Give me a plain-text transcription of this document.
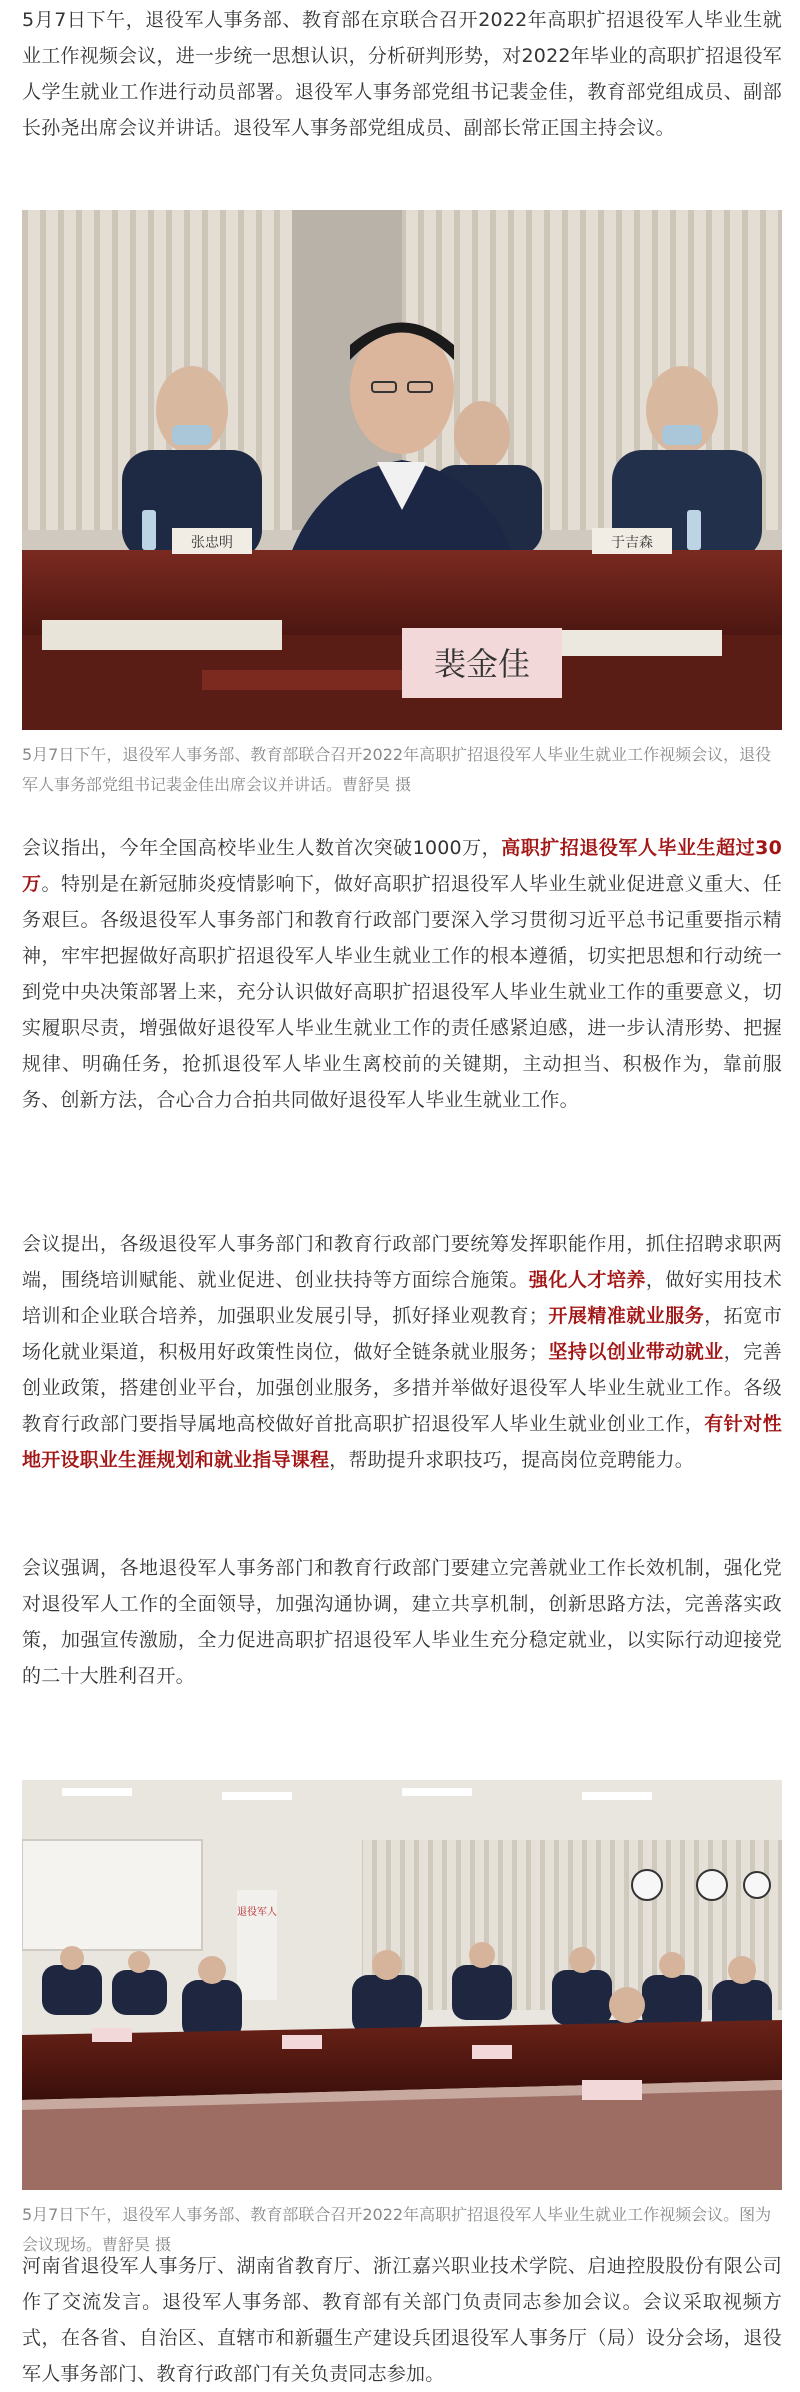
5月7日下午，退役军人事务部、教育部在京联合召开2022年高职扩招退役军人毕业生就业工作视频会议，进一步统一思想认识，分析研判形势，对2022年毕业的高职扩招退役军人学生就业工作进行动员部署。退役军人事务部党组书记裴金佳，教育部党组成员、副部长孙尧出席会议并讲话。退役军人事务部党组成员、副部长常正国主持会议。

张忠明	于吉森
裴金佳

5月7日下午，退役军人事务部、教育部联合召开2022年高职扩招退役军人毕业生就业工作视频会议，退役军人事务部党组书记裴金佳出席会议并讲话。曹舒昊 摄

会议指出，今年全国高校毕业生人数首次突破1000万，高职扩招退役军人毕业生超过30万。特别是在新冠肺炎疫情影响下，做好高职扩招退役军人毕业生就业促进意义重大、任务艰巨。各级退役军人事务部门和教育行政部门要深入学习贯彻习近平总书记重要指示精神，牢牢把握做好高职扩招退役军人毕业生就业工作的根本遵循，切实把思想和行动统一到党中央决策部署上来，充分认识做好高职扩招退役军人毕业生就业工作的重要意义，切实履职尽责，增强做好退役军人毕业生就业工作的责任感紧迫感，进一步认清形势、把握规律、明确任务，抢抓退役军人毕业生离校前的关键期，主动担当、积极作为，靠前服务、创新方法，合心合力合拍共同做好退役军人毕业生就业工作。

会议提出，各级退役军人事务部门和教育行政部门要统筹发挥职能作用，抓住招聘求职两端，围绕培训赋能、就业促进、创业扶持等方面综合施策。强化人才培养，做好实用技术培训和企业联合培养，加强职业发展引导，抓好择业观教育；开展精准就业服务，拓宽市场化就业渠道，积极用好政策性岗位，做好全链条就业服务；坚持以创业带动就业，完善创业政策，搭建创业平台，加强创业服务，多措并举做好退役军人毕业生就业工作。各级教育行政部门要指导属地高校做好首批高职扩招退役军人毕业生就业创业工作，有针对性地开设职业生涯规划和就业指导课程，帮助提升求职技巧，提高岗位竞聘能力。

会议强调，各地退役军人事务部门和教育行政部门要建立完善就业工作长效机制，强化党对退役军人工作的全面领导，加强沟通协调，建立共享机制，创新思路方法，完善落实政策，加强宣传激励，全力促进高职扩招退役军人毕业生充分稳定就业，以实际行动迎接党的二十大胜利召开。

退役军人

5月7日下午，退役军人事务部、教育部联合召开2022年高职扩招退役军人毕业生就业工作视频会议。图为会议现场。曹舒昊 摄

河南省退役军人事务厅、湖南省教育厅、浙江嘉兴职业技术学院、启迪控股股份有限公司作了交流发言。退役军人事务部、教育部有关部门负责同志参加会议。会议采取视频方式，在各省、自治区、直辖市和新疆生产建设兵团退役军人事务厅（局）设分会场，退役军人事务部门、教育行政部门有关负责同志参加。
